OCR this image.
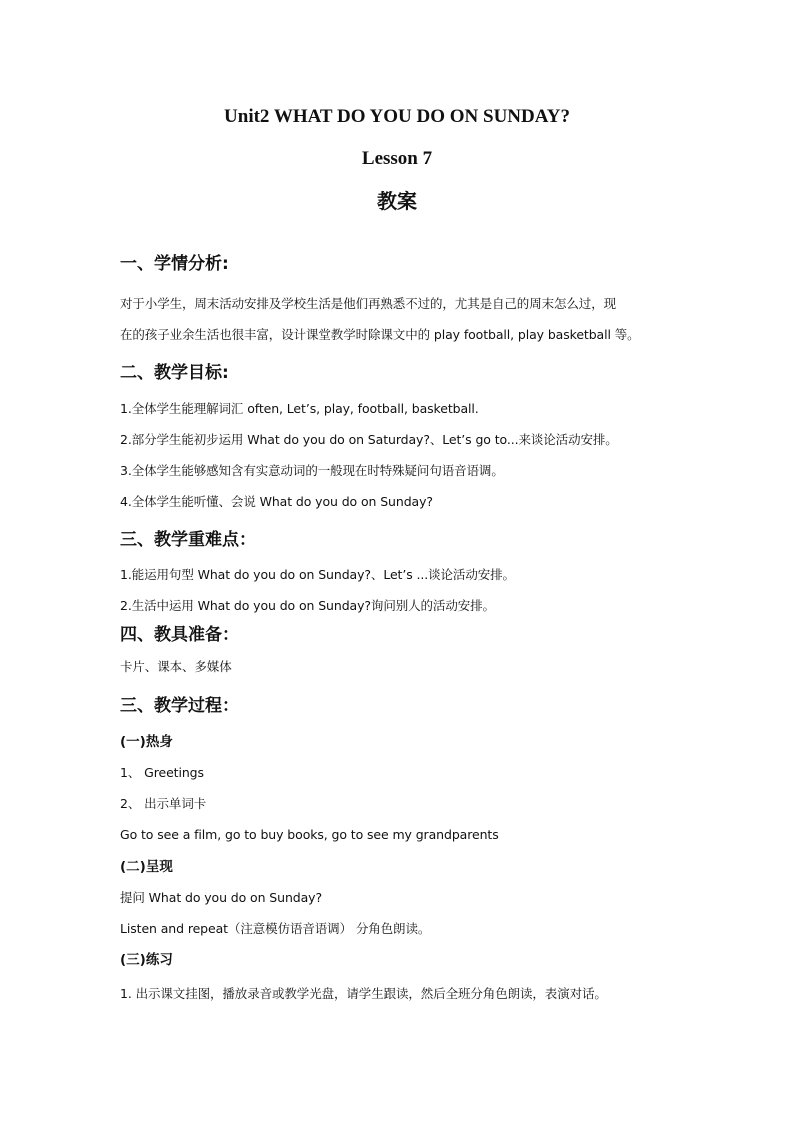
Unit2 WHAT DO YOU DO ON SUNDAY?
Lesson 7
教案
一、学情分析:
对于小学生，周末活动安排及学校生活是他们再熟悉不过的，尤其是自己的周末怎么过，现
在的孩子业余生活也很丰富，设计课堂教学时除课文中的 play football, play basketball 等。
二、教学目标:
1.全体学生能理解词汇 often, Let’s, play, football, basketball.
2.部分学生能初步运用 What do you do on Saturday?、Let’s go to...来谈论活动安排。
3.全体学生能够感知含有实意动词的一般现在时特殊疑问句语音语调。
4.全体学生能听懂、会说 What do you do on Sunday?
三、教学重难点：
1.能运用句型 What do you do on Sunday?、Let’s ...谈论活动安排。
2.生活中运用 What do you do on Sunday?询问别人的活动安排。
四、教具准备：
卡片、课本、多媒体
三、教学过程：
(一)热身
1、 Greetings
2、 出示单词卡
Go to see a film, go to buy books, go to see my grandparents
(二)呈现
提问 What do you do on Sunday?
Listen and repeat（注意模仿语音语调） 分角色朗读。
(三)练习
1. 出示课文挂图，播放录音或教学光盘，请学生跟读，然后全班分角色朗读，表演对话。
